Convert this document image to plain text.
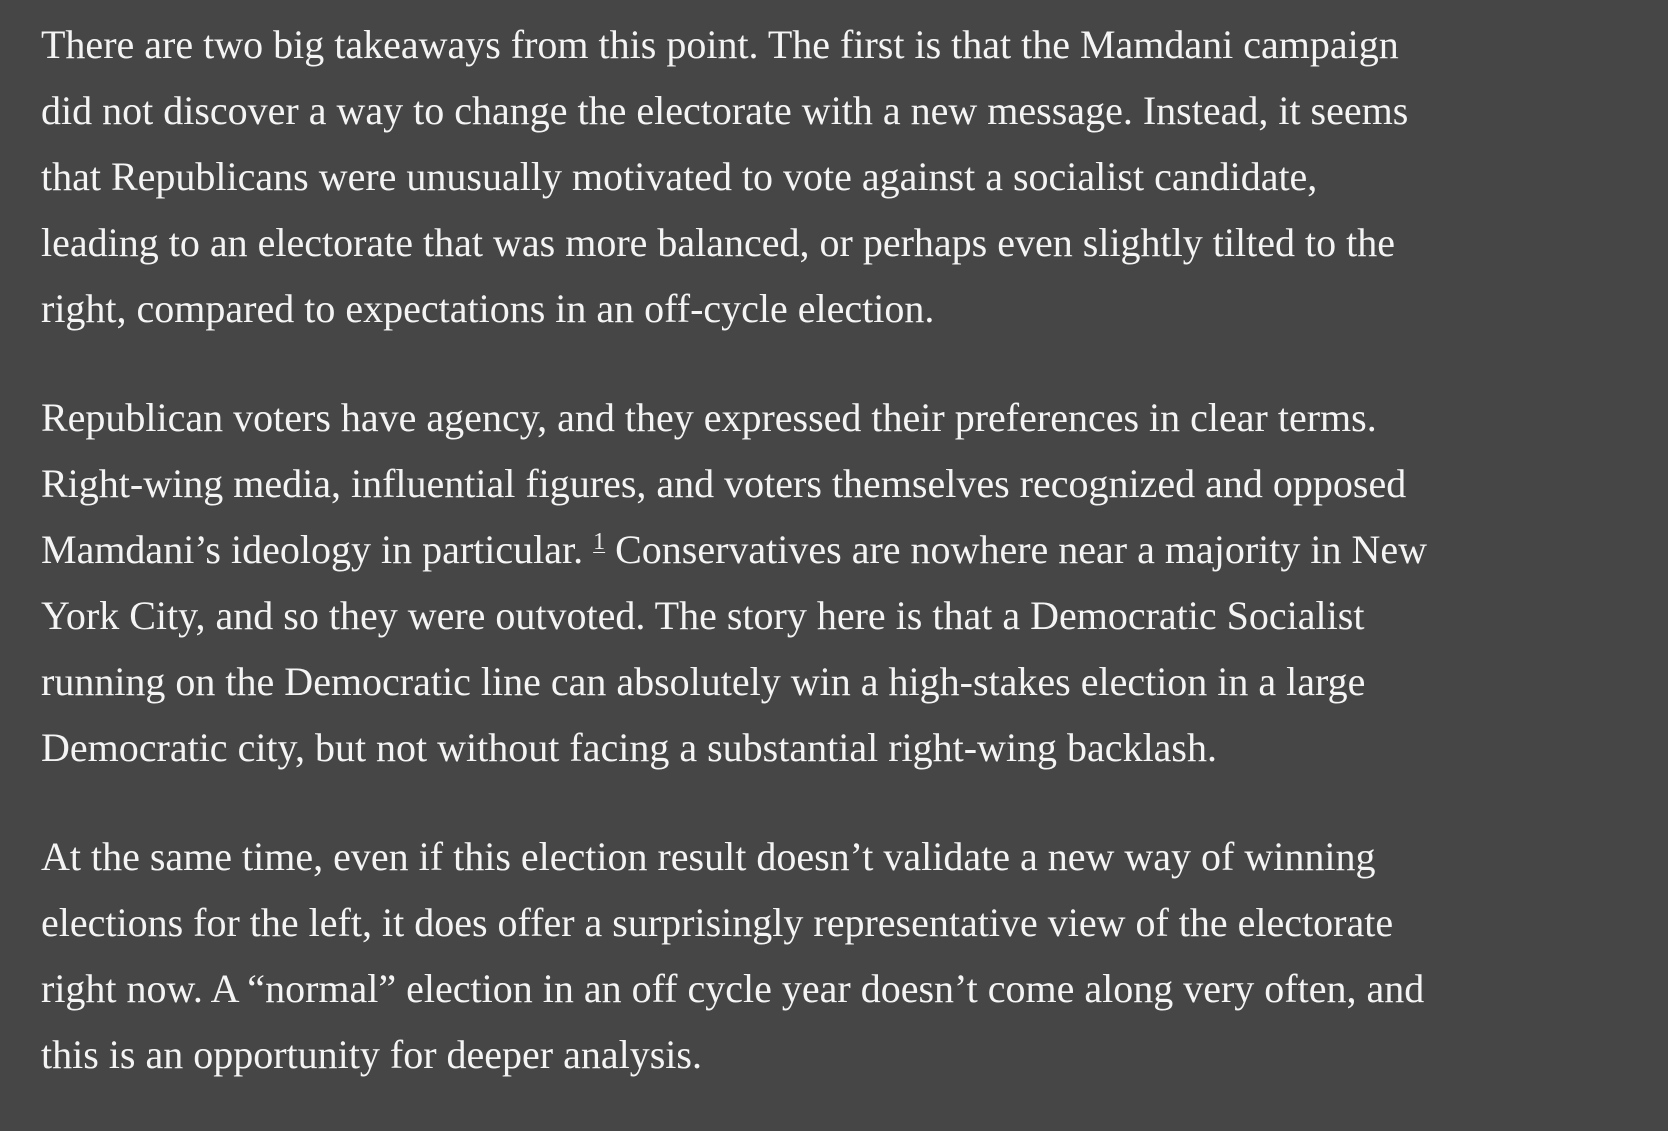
There are two big takeaways from this point. The first is that the Mamdani campaign
did not discover a way to change the electorate with a new message. Instead, it seems
that Republicans were unusually motivated to vote against a socialist candidate,
leading to an electorate that was more balanced, or perhaps even slightly tilted to the
right, compared to expectations in an off-cycle election.

Republican voters have agency, and they expressed their preferences in clear terms.
Right-wing media, influential figures, and voters themselves recognized and opposed
Mamdani’s ideology in particular. $^1$ Conservatives are nowhere near a majority in New
York City, and so they were outvoted. The story here is that a Democratic Socialist
running on the Democratic line can absolutely win a high-stakes election in a large
Democratic city, but not without facing a substantial right-wing backlash.

At the same time, even if this election result doesn’t validate a new way of winning
elections for the left, it does offer a surprisingly representative view of the electorate
right now. A “normal” election in an off cycle year doesn’t come along very often, and
this is an opportunity for deeper analysis.
